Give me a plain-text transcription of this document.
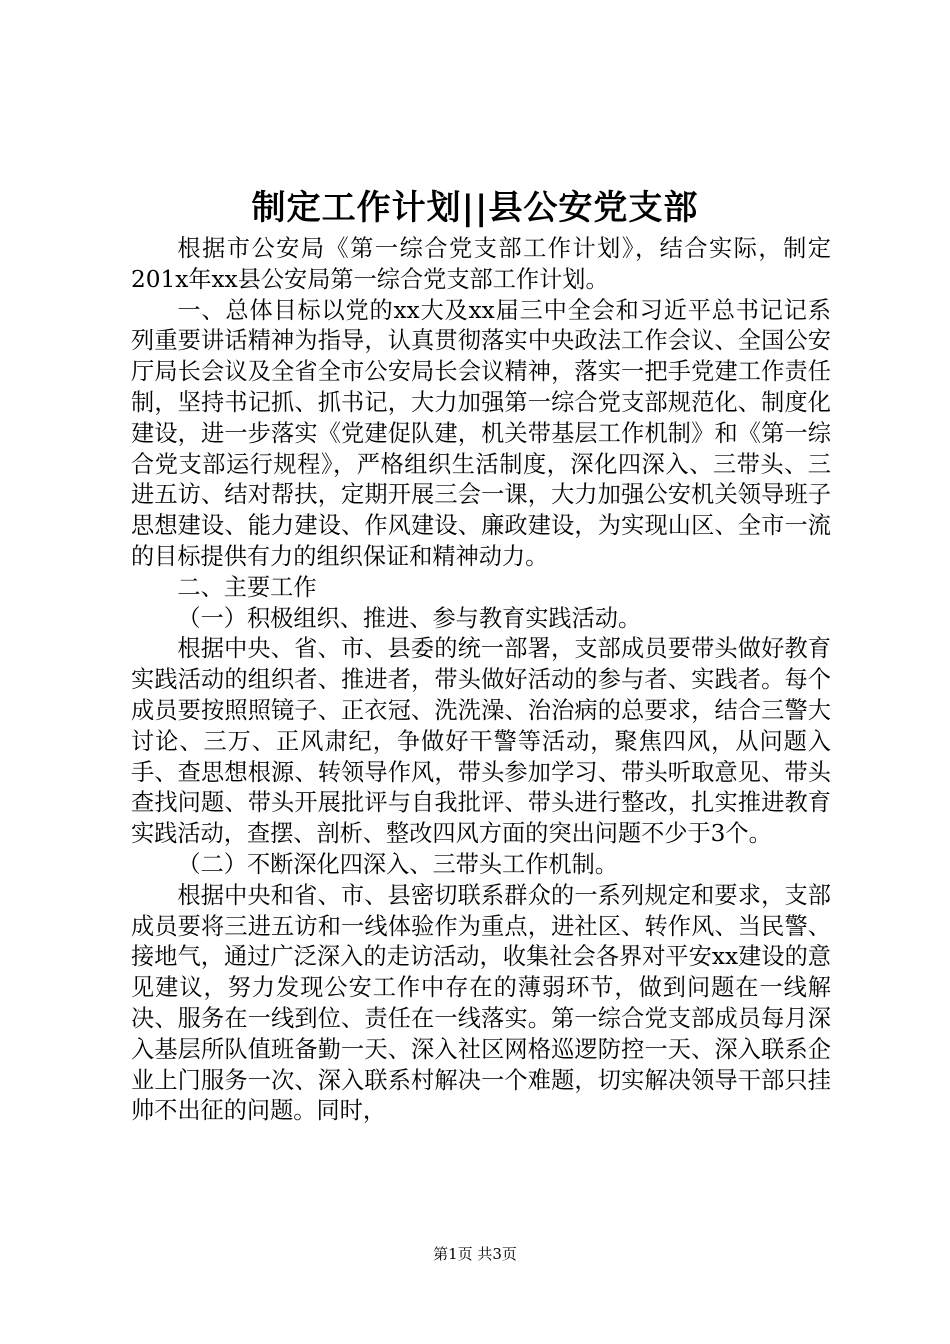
制定工作计划||县公安党支部

根据市公安局《第一综合党支部工作计划》，结合实际，制定201x年xx县公安局第一综合党支部工作计划。

一、总体目标以党的xx大及xx届三中全会和习近平总书记记系列重要讲话精神为指导，认真贯彻落实中央政法工作会议、全国公安厅局长会议及全省全市公安局长会议精神，落实一把手党建工作责任制，坚持书记抓、抓书记，大力加强第一综合党支部规范化、制度化建设，进一步落实《党建促队建，机关带基层工作机制》和《第一综合党支部运行规程》，严格组织生活制度，深化四深入、三带头、三进五访、结对帮扶，定期开展三会一课，大力加强公安机关领导班子思想建设、能力建设、作风建设、廉政建设，为实现山区、全市一流的目标提供有力的组织保证和精神动力。

二、主要工作

（一）积极组织、推进、参与教育实践活动。

根据中央、省、市、县委的统一部署，支部成员要带头做好教育实践活动的组织者、推进者，带头做好活动的参与者、实践者。每个成员要按照照镜子、正衣冠、洗洗澡、治治病的总要求，结合三警大讨论、三万、正风肃纪，争做好干警等活动，聚焦四风，从问题入手、查思想根源、转领导作风，带头参加学习、带头听取意见、带头查找问题、带头开展批评与自我批评、带头进行整改，扎实推进教育实践活动，查摆、剖析、整改四风方面的突出问题不少于3个。

（二）不断深化四深入、三带头工作机制。

根据中央和省、市、县密切联系群众的一系列规定和要求，支部成员要将三进五访和一线体验作为重点，进社区、转作风、当民警、接地气，通过广泛深入的走访活动，收集社会各界对平安xx建设的意见建议，努力发现公安工作中存在的薄弱环节，做到问题在一线解决、服务在一线到位、责任在一线落实。第一综合党支部成员每月深入基层所队值班备勤一天、深入社区网格巡逻防控一天、深入联系企业上门服务一次、深入联系村解决一个难题，切实解决领导干部只挂帅不出征的问题。同时，

第1页 共3页
